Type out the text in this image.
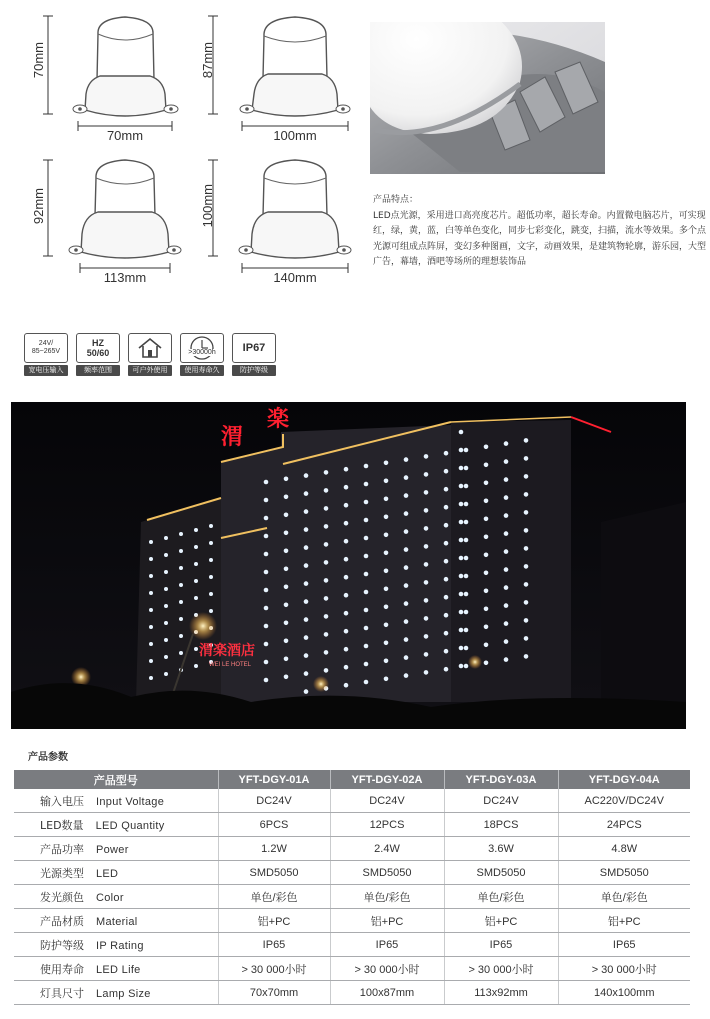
70mm
70mm
87mm
100mm
92mm
113mm
100mm
140mm
产品特点：
LED点光源，采用进口高亮度芯片。超低功率，超长寿命。内置微电脑芯片，可实现红，绿，黄，蓝，白等单色变化，同步七彩变化，跳变，扫描，流水等效果。多个点光源可组成点阵屏，变幻多种图画，文字，动画效果，是建筑物轮廓，游乐园，大型广告，幕墙，酒吧等场所的理想装饰品
24V/
85~265V
宽电压输入
HZ
50/60
频率范围	可户外使用
>30000h
使用寿命久
IP67
防护等级
渭
楽
渭楽酒店
WEI LE HOTEL
产品参数
产品型号	YFT-DGY-01A	YFT-DGY-02A	YFT-DGY-03A	YFT-DGY-04A
输入电压 Input Voltage	DC24V	DC24V	DC24V	AC220V/DC24V
LED数量 LED Quantity	6PCS	12PCS	18PCS	24PCS
产品功率 Power	1.2W	2.4W	3.6W	4.8W
光源类型 LED	SMD5050	SMD5050	SMD5050	SMD5050
发光颜色 Color	单色/彩色	单色/彩色	单色/彩色	单色/彩色
产品材质 Material	铝+PC	铝+PC	铝+PC	铝+PC
防护等级 IP Rating	IP65	IP65	IP65	IP65
使用寿命 LED Life	> 30 000小时	> 30 000小时	> 30 000小时	> 30 000小时
灯具尺寸 Lamp Size	70x70mm	100x87mm	113x92mm	140x100mm
